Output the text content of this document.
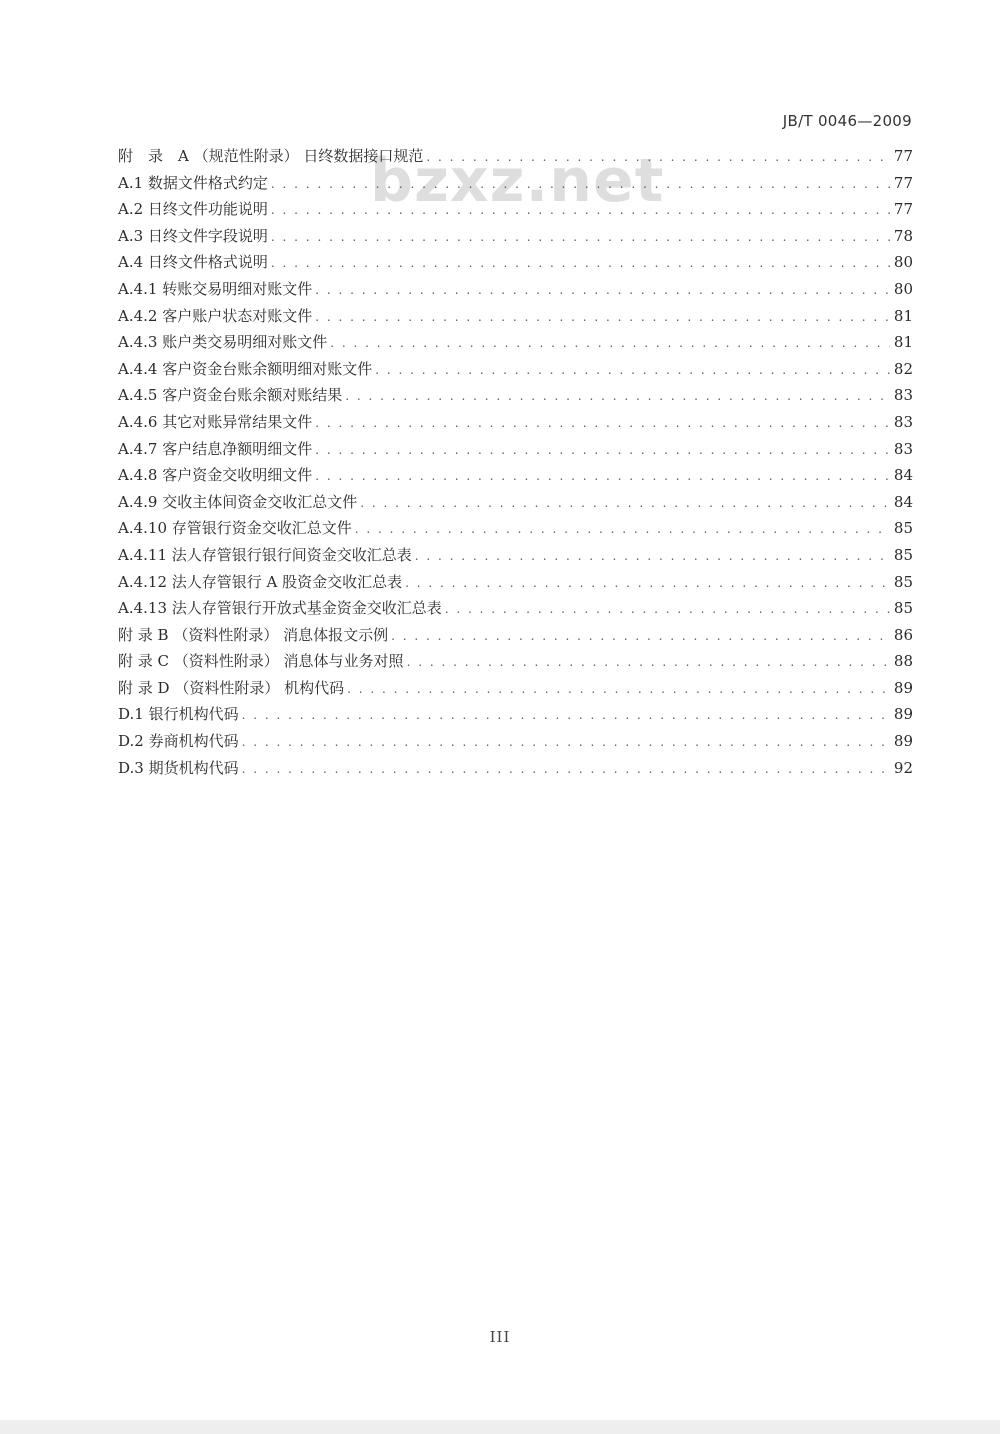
JB/T 0046—2009
bzxz.net
附　录　A （规范性附录） 日终数据接口规范 . . .	77
A.1 数据文件格式约定 . . .	77
A.2 日终文件功能说明 . . .	77
A.3 日终文件字段说明 . . .	78
A.4 日终文件格式说明 . . .	80
A.4.1 转账交易明细对账文件 . . .	80
A.4.2 客户账户状态对账文件 . . .	81
A.4.3 账户类交易明细对账文件 . . .	81
A.4.4 客户资金台账余额明细对账文件 . . .	82
A.4.5 客户资金台账余额对账结果 . . .	83
A.4.6 其它对账异常结果文件 . . .	83
A.4.7 客户结息净额明细文件 . . .	83
A.4.8 客户资金交收明细文件 . . .	84
A.4.9 交收主体间资金交收汇总文件 . . .	84
A.4.10 存管银行资金交收汇总文件 . . .	85
A.4.11 法人存管银行银行间资金交收汇总表 . . .	85
A.4.12 法人存管银行 A 股资金交收汇总表 . . .	85
A.4.13 法人存管银行开放式基金资金交收汇总表 . . .	85
附 录 B （资料性附录） 消息体报文示例 . . .	86
附 录 C （资料性附录） 消息体与业务对照 . . .	88
附 录 D （资料性附录） 机构代码 . . .	89
D.1 银行机构代码 . . .	89
D.2 券商机构代码 . . .	89
D.3 期货机构代码 . . .	92
III
